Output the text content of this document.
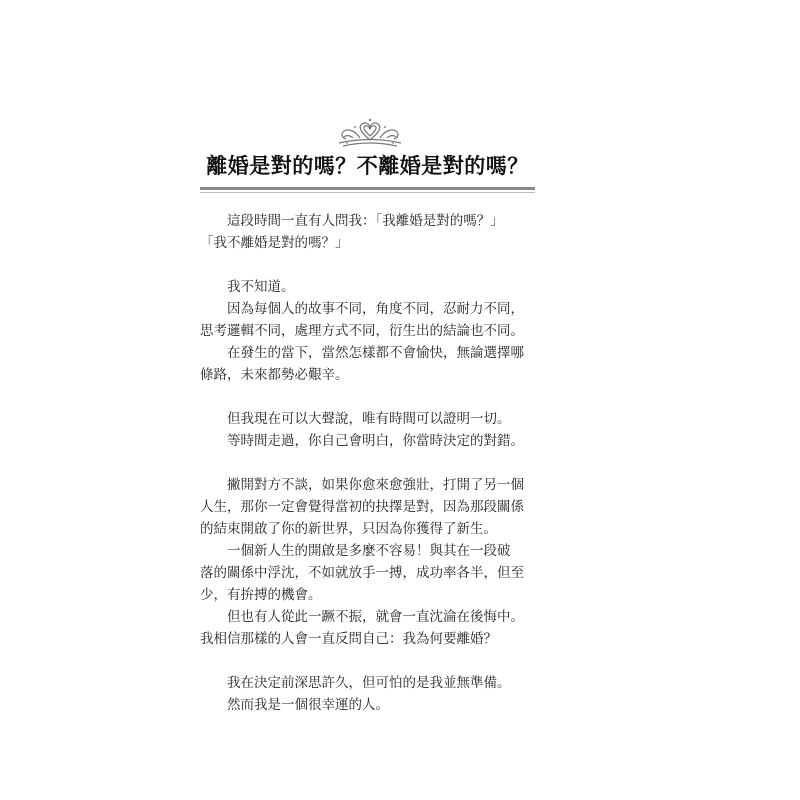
離婚是對的嗎？不離婚是對的嗎？

　　這段時間一直有人問我：「我離婚是對的嗎？」
「我不離婚是對的嗎？」

　　我不知道。

　　因為每個人的故事不同，角度不同，忍耐力不同，
思考邏輯不同，處理方式不同，衍生出的結論也不同。

　　在發生的當下，當然怎樣都不會愉快，無論選擇哪
條路，未來都勢必艱辛。

　　但我現在可以大聲說，唯有時間可以證明一切。

　　等時間走過，你自己會明白，你當時決定的對錯。

　　撇開對方不談，如果你愈來愈強壯，打開了另一個
人生，那你一定會覺得當初的抉擇是對，因為那段關係
的結束開啟了你的新世界，只因為你獲得了新生。

　　一個新人生的開啟是多麼不容易！與其在一段破
落的關係中浮沈，不如就放手一搏，成功率各半，但至
少，有拚搏的機會。

　　但也有人從此一蹶不振，就會一直沈淪在後悔中。
我相信那樣的人會一直反問自己：我為何要離婚？

　　我在決定前深思許久，但可怕的是我並無準備。

　　然而我是一個很幸運的人。
